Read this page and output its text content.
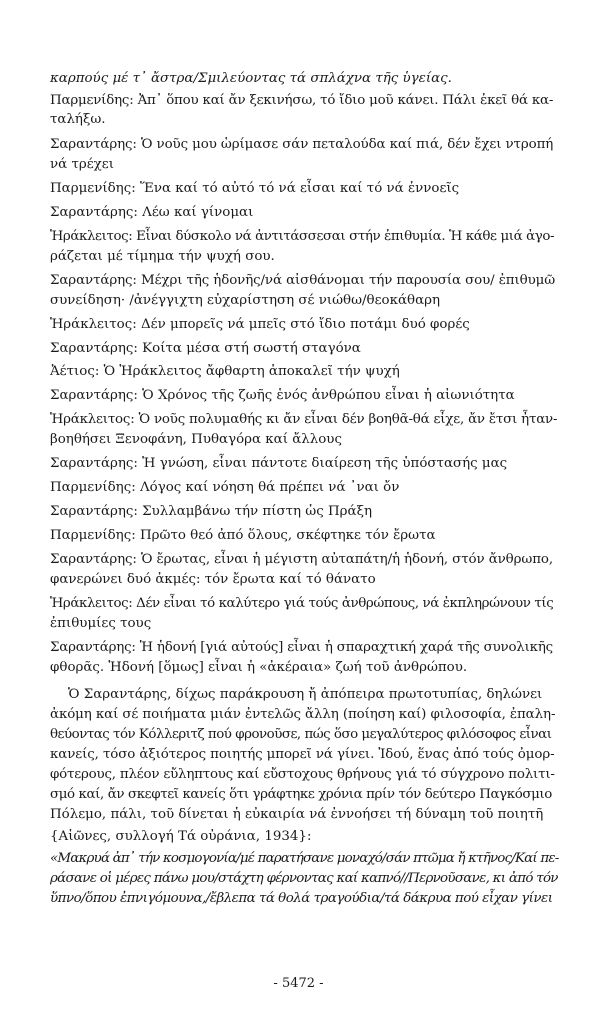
καρπούς μέ τ᾿ ἄστρα/Σμιλεύοντας τά σπλάχνα τῆς ὑγείας.
Παρμενίδης: Ἀπ᾿ ὅπου καί ἄν ξεκινήσω, τό ἴδιο μοῦ κάνει. Πάλι ἐκεῖ θά κα-
ταλήξω.
Σαραντάρης: Ὁ νοῦς μου ὡρίμασε σάν πεταλούδα καί πιά, δέν ἔχει ντροπή
νά τρέχει
Παρμενίδης: Ἕνα καί τό αὐτό τό νά εἶσαι καί τό νά ἐννοεῖς
Σαραντάρης: Λέω καί γίνομαι
Ἡράκλειτος: Εἶναι δύσκολο νά ἀντιτάσσεσαι στήν ἐπιθυμία. Ἡ κάθε μιά ἀγο-
ράζεται μέ τίμημα τήν ψυχή σου.
Σαραντάρης: Μέχρι τῆς ἡδονῆς/νά αἰσθάνομαι τήν παρουσία σου/ ἐπιθυμῶ
συνείδηση· /ἀνέγγιχτη εὐχαρίστηση σέ νιώθω/θεοκάθαρη
Ἡράκλειτος: Δέν μπορεῖς νά μπεῖς στό ἴδιο ποτάμι δυό φορές
Σαραντάρης: Κοίτα μέσα στή σωστή σταγόνα
Ἀέτιος: Ὁ Ἡράκλειτος ἄφθαρτη ἀποκαλεῖ τήν ψυχή
Σαραντάρης: Ὁ Χρόνος τῆς ζωῆς ἑνός ἀνθρώπου εἶναι ἡ αἰωνιότητα
Ἡράκλειτος: Ὁ νοῦς πολυμαθής κι ἄν εἶναι δέν βοηθᾶ-θά εἶχε, ἄν ἔτσι ἦταν-
βοηθήσει Ξενοφάνη, Πυθαγόρα καί ἄλλους
Σαραντάρης: Ἡ γνώση, εἶναι πάντοτε διαίρεση τῆς ὑπόστασής μας
Παρμενίδης: Λόγος καί νόηση θά πρέπει νά ᾿ναι ὄν
Σαραντάρης: Συλλαμβάνω τήν πίστη ὡς Πράξη
Παρμενίδης: Πρῶτο θεό ἀπό ὅλους, σκέφτηκε τόν ἔρωτα
Σαραντάρης: Ὁ ἔρωτας, εἶναι ἡ μέγιστη αὐταπάτη/ἡ ἡδονή, στόν ἄνθρωπο,
φανερώνει δυό ἀκμές: τόν ἔρωτα καί τό θάνατο
Ἡράκλειτος: Δέν εἶναι τό καλύτερο γιά τούς ἀνθρώπους, νά ἐκπληρώνουν τίς
ἐπιθυμίες τους
Σαραντάρης: Ἡ ἡδονή [γιά αὐτούς] εἶναι ἡ σπαραχτική χαρά τῆς συνολικῆς
φθορᾶς. Ἡδονή [ὅμως] εἶναι ἡ «ἀκέραια» ζωή τοῦ ἀνθρώπου.
Ὁ Σαραντάρης, δίχως παράκρουση ἤ ἀπόπειρα πρωτοτυπίας, δηλώνει
ἀκόμη καί σέ ποιήματα μιάν ἐντελῶς ἄλλη (ποίηση καί) φιλοσοφία, ἐπαλη-
θεύοντας τόν Κόλλεριτζ πού φρονοῦσε, πώς ὅσο μεγαλύτερος φιλόσοφος εἶναι
κανείς, τόσο ἀξιότερος ποιητής μπορεῖ νά γίνει. Ἰδού, ἕνας ἀπό τούς ὀμορ-
φότερους, πλέον εὔληπτους καί εὔστοχους θρήνους γιά τό σύγχρονο πολιτι-
σμό καί, ἄν σκεφτεῖ κανείς ὅτι γράφτηκε χρόνια πρίν τόν δεύτερο Παγκόσμιο
Πόλεμο, πάλι, τοῦ δίνεται ἡ εὐκαιρία νά ἐννοήσει τή δύναμη τοῦ ποιητῆ
{Αἰῶνες, συλλογή Τά οὐράνια, 1934}:
«Μακρυά ἀπ᾿ τήν κοσμογονία/μέ παρατήσανε μοναχό/σάν πτῶμα ἤ κτῆνος/Καί πε-
ράσανε οἱ μέρες πάνω μου/στάχτη φέρνοντας καί καπνό//Περνοῦσανε, κι ἀπό τόν
ὕπνο/ὅπου ἐπνιγόμουνα,/ἔβλεπα τά θολά τραγούδια/τά δάκρυα πού εἶχαν γίνει
- 5472 -
